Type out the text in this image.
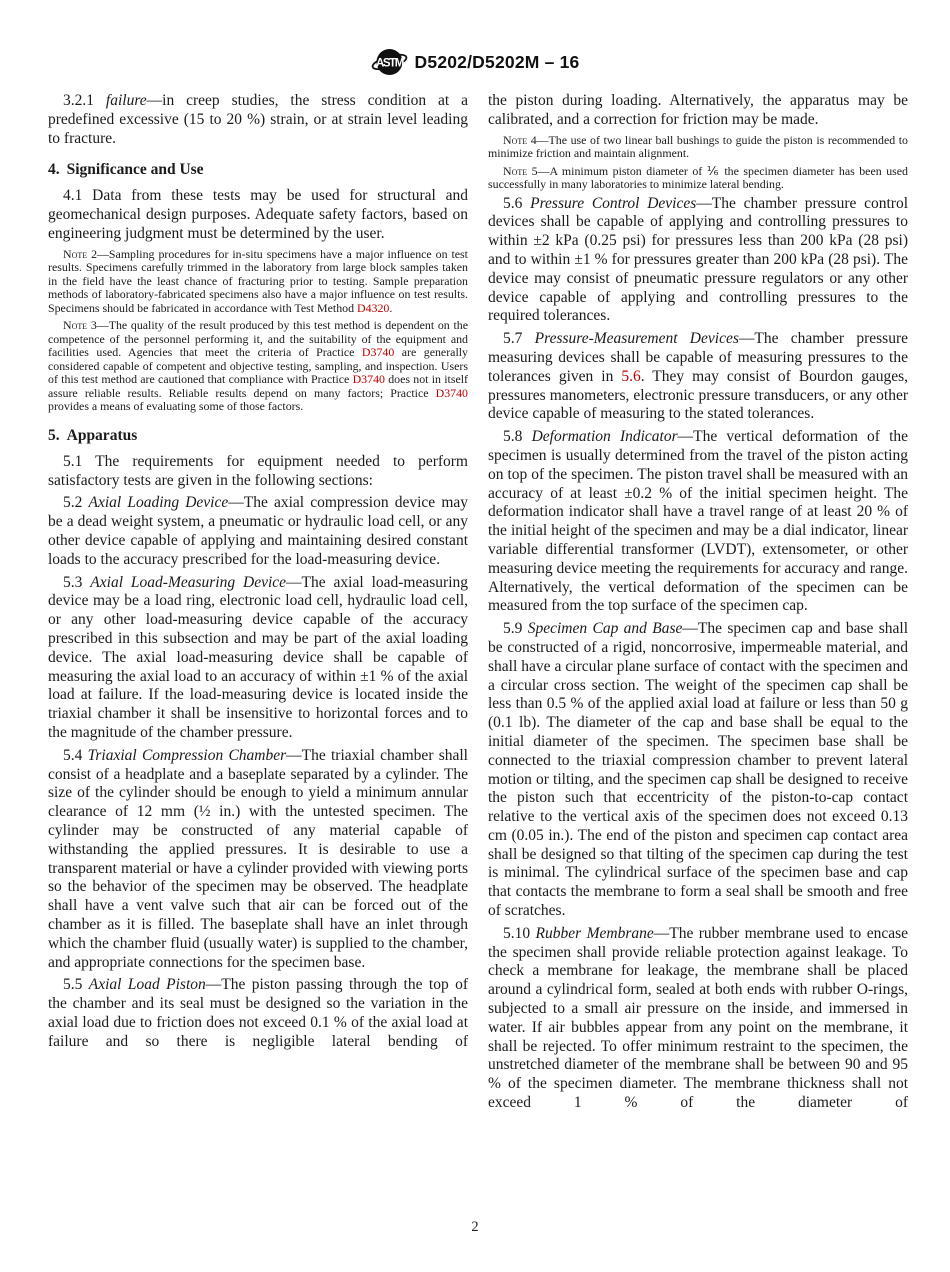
ASTM D5202/D5202M – 16
3.2.1 failure—in creep studies, the stress condition at a predefined excessive (15 to 20 %) strain, or at strain level leading to fracture.
4. Significance and Use
4.1 Data from these tests may be used for structural and geomechanical design purposes. Adequate safety factors, based on engineering judgment must be determined by the user.
Note 2—Sampling procedures for in-situ specimens have a major influence on test results. Specimens carefully trimmed in the laboratory from large block samples taken in the field have the least chance of fracturing prior to testing. Sample preparation methods of laboratory-fabricated specimens also have a major influence on test results. Specimens should be fabricated in accordance with Test Method D4320.
Note 3—The quality of the result produced by this test method is dependent on the competence of the personnel performing it, and the suitability of the equipment and facilities used. Agencies that meet the criteria of Practice D3740 are generally considered capable of competent and objective testing, sampling, and inspection. Users of this test method are cautioned that compliance with Practice D3740 does not in itself assure reliable results. Reliable results depend on many factors; Practice D3740 provides a means of evaluating some of those factors.
5. Apparatus
5.1 The requirements for equipment needed to perform satisfactory tests are given in the following sections:
5.2 Axial Loading Device—The axial compression device may be a dead weight system, a pneumatic or hydraulic load cell, or any other device capable of applying and maintaining desired constant loads to the accuracy prescribed for the load-measuring device.
5.3 Axial Load-Measuring Device—The axial load-measuring device may be a load ring, electronic load cell, hydraulic load cell, or any other load-measuring device capable of the accuracy prescribed in this subsection and may be part of the axial loading device. The axial load-measuring device shall be capable of measuring the axial load to an accuracy of within ±1 % of the axial load at failure. If the load-measuring device is located inside the triaxial chamber it shall be insensitive to horizontal forces and to the magnitude of the chamber pressure.
5.4 Triaxial Compression Chamber—The triaxial chamber shall consist of a headplate and a baseplate separated by a cylinder. The size of the cylinder should be enough to yield a minimum annular clearance of 12 mm (½ in.) with the untested specimen. The cylinder may be constructed of any material capable of withstanding the applied pressures. It is desirable to use a transparent material or have a cylinder provided with viewing ports so the behavior of the specimen may be observed. The headplate shall have a vent valve such that air can be forced out of the chamber as it is filled. The baseplate shall have an inlet through which the chamber fluid (usually water) is supplied to the chamber, and appropriate connections for the specimen base.
5.5 Axial Load Piston—The piston passing through the top of the chamber and its seal must be designed so the variation in the axial load due to friction does not exceed 0.1 % of the axial load at failure and so there is negligible lateral bending of
the piston during loading. Alternatively, the apparatus may be calibrated, and a correction for friction may be made.
Note 4—The use of two linear ball bushings to guide the piston is recommended to minimize friction and maintain alignment.
Note 5—A minimum piston diameter of ⅙ the specimen diameter has been used successfully in many laboratories to minimize lateral bending.
5.6 Pressure Control Devices—The chamber pressure control devices shall be capable of applying and controlling pressures to within ±2 kPa (0.25 psi) for pressures less than 200 kPa (28 psi) and to within ±1 % for pressures greater than 200 kPa (28 psi). The device may consist of pneumatic pressure regulators or any other device capable of applying and controlling pressures to the required tolerances.
5.7 Pressure-Measurement Devices—The chamber pressure measuring devices shall be capable of measuring pressures to the tolerances given in 5.6. They may consist of Bourdon gauges, pressures manometers, electronic pressure transducers, or any other device capable of measuring to the stated tolerances.
5.8 Deformation Indicator—The vertical deformation of the specimen is usually determined from the travel of the piston acting on top of the specimen. The piston travel shall be measured with an accuracy of at least ±0.2 % of the initial specimen height. The deformation indicator shall have a travel range of at least 20 % of the initial height of the specimen and may be a dial indicator, linear variable differential transformer (LVDT), extensometer, or other measuring device meeting the requirements for accuracy and range. Alternatively, the vertical deformation of the specimen can be measured from the top surface of the specimen cap.
5.9 Specimen Cap and Base—The specimen cap and base shall be constructed of a rigid, noncorrosive, impermeable material, and shall have a circular plane surface of contact with the specimen and a circular cross section. The weight of the specimen cap shall be less than 0.5 % of the applied axial load at failure or less than 50 g (0.1 lb). The diameter of the cap and base shall be equal to the initial diameter of the specimen. The specimen base shall be connected to the triaxial compression chamber to prevent lateral motion or tilting, and the specimen cap shall be designed to receive the piston such that eccentricity of the piston-to-cap contact relative to the vertical axis of the specimen does not exceed 0.13 cm (0.05 in.). The end of the piston and specimen cap contact area shall be designed so that tilting of the specimen cap during the test is minimal. The cylindrical surface of the specimen base and cap that contacts the membrane to form a seal shall be smooth and free of scratches.
5.10 Rubber Membrane—The rubber membrane used to encase the specimen shall provide reliable protection against leakage. To check a membrane for leakage, the membrane shall be placed around a cylindrical form, sealed at both ends with rubber O-rings, subjected to a small air pressure on the inside, and immersed in water. If air bubbles appear from any point on the membrane, it shall be rejected. To offer minimum restraint to the specimen, the unstretched diameter of the membrane shall be between 90 and 95 % of the specimen diameter. The membrane thickness shall not exceed 1 % of the diameter of
2
